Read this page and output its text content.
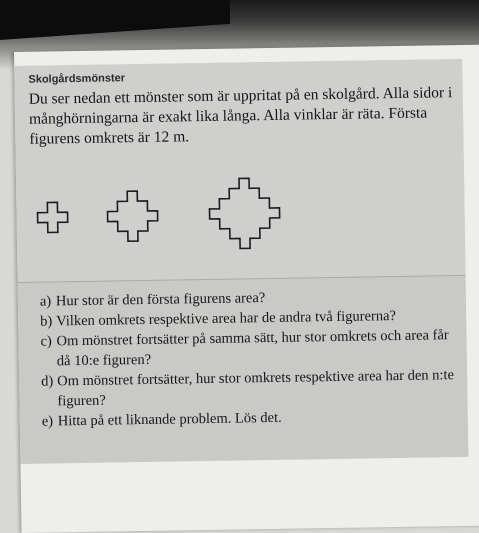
Skolgårdsmönster

Du ser nedan ett mönster som är uppritat på en skolgård. Alla sidor i månghörningarna är exakt lika långa. Alla vinklar är räta. Första figurens omkrets är 12 m.

a) Hur stor är den första figurens area?
b) Vilken omkrets respektive area har de andra två figurerna?
c) Om mönstret fortsätter på samma sätt, hur stor omkrets och area får då 10:e figuren?
d) Om mönstret fortsätter, hur stor omkrets respektive area har den n:te figuren?
e) Hitta på ett liknande problem. Lös det.
